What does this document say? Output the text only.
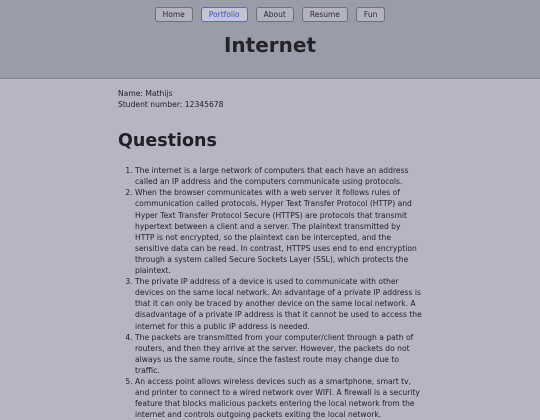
Home	Portfolio	About	Resume	Fun
Internet

Name: Mathijs

Student number: 12345678

Questions
1. The internet is a large network of computers that each have an address called an IP address and the computers communicate using protocols.
2. When the browser communicates with a web server it follows rules of communication called protocols. Hyper Text Transfer Protocol (HTTP) and Hyper Text Transfer Protocol Secure (HTTPS) are protocols that transmit hypertext between a client and a server. The plaintext transmitted by HTTP is not encrypted, so the plaintext can be intercepted, and the sensitive data can be read. In contrast, HTTPS uses end to end encryption through a system called Secure Sockets Layer (SSL), which protects the plaintext.
3. The private IP address of a device is used to communicate with other devices on the same local network. An advantage of a private IP address is that it can only be traced by another device on the same local network. A disadvantage of a private IP address is that it cannot be used to access the internet for this a public IP address is needed.
4. The packets are transmitted from your computer/client through a path of routers, and then they arrive at the server. However, the packets do not always us the same route, since the fastest route may change due to traffic.
5. An access point allows wireless devices such as a smartphone, smart tv, and printer to connect to a wired network over WIFI. A firewall is a security feature that blocks malicious packets entering the local network from the internet and controls outgoing packets exiting the local network.
